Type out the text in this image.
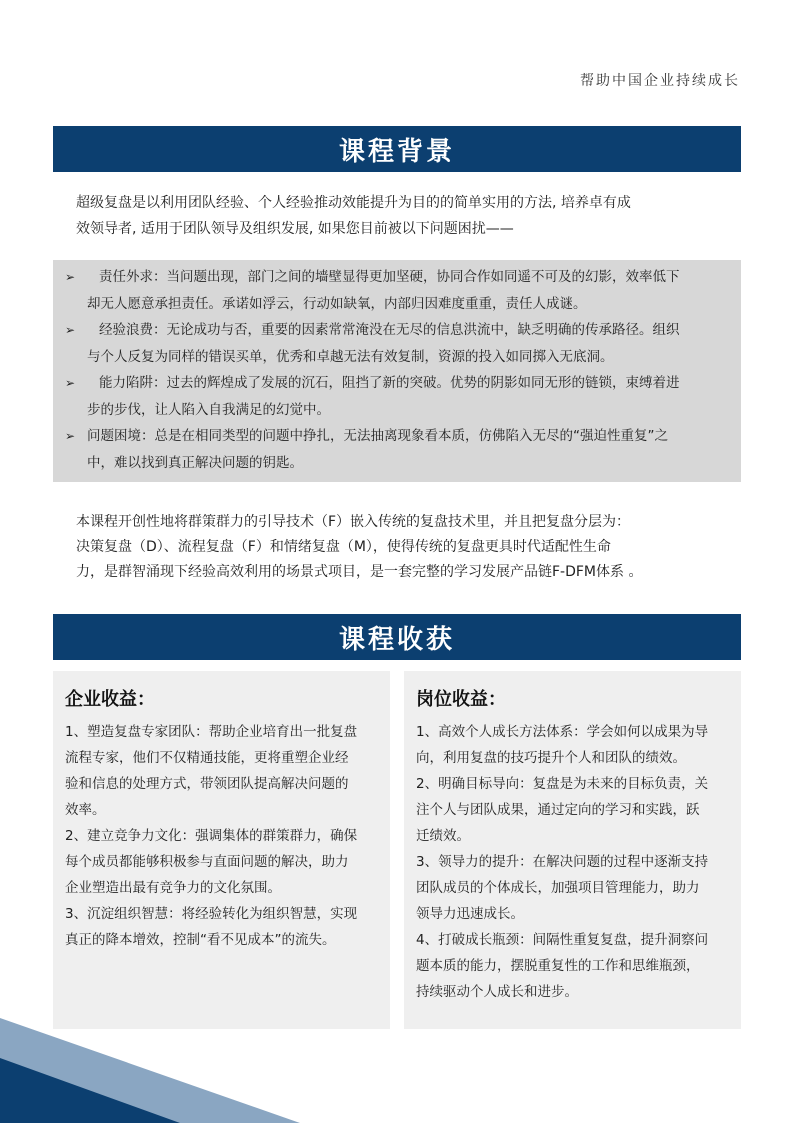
帮助中国企业持续成长
课程背景
超级复盘是以利用团队经验、个人经验推动效能提升为目的的简单实用的方法, 培养卓有成
效领导者, 适用于团队领导及组织发展, 如果您目前被以下问题困扰——
➢	责任外求：当问题出现，部门之间的墙壁显得更加坚硬，协同合作如同遥不可及的幻影，效率低下
却无人愿意承担责任。承诺如浮云，行动如缺氧，内部归因难度重重，责任人成谜。
➢	经验浪费：无论成功与否，重要的因素常常淹没在无尽的信息洪流中，缺乏明确的传承路径。组织
与个人反复为同样的错误买单，优秀和卓越无法有效复制，资源的投入如同掷入无底洞。
➢	能力陷阱：过去的辉煌成了发展的沉石，阻挡了新的突破。优势的阴影如同无形的链锁，束缚着进
步的步伐，让人陷入自我满足的幻觉中。
➢ 问题困境：总是在相同类型的问题中挣扎，无法抽离现象看本质，仿佛陷入无尽的“强迫性重复”之
中，难以找到真正解决问题的钥匙。
本课程开创性地将群策群力的引导技术（F）嵌入传统的复盘技术里，并且把复盘分层为：
决策复盘（D）、流程复盘（F）和情绪复盘（M），使得传统的复盘更具时代适配性生命
力，是群智涌现下经验高效利用的场景式项目，是一套完整的学习发展产品链F-DFM体系 。
课程收获
企业收益：
1、塑造复盘专家团队：帮助企业培育出一批复盘
流程专家，他们不仅精通技能，更将重塑企业经
验和信息的处理方式，带领团队提高解决问题的
效率。
2、建立竞争力文化：强调集体的群策群力，确保
每个成员都能够积极参与直面问题的解决，助力
企业塑造出最有竞争力的文化氛围。
3、沉淀组织智慧：将经验转化为组织智慧，实现
真正的降本增效，控制“看不见成本”的流失。
岗位收益：
1、高效个人成长方法体系：学会如何以成果为导
向，利用复盘的技巧提升个人和团队的绩效。
2、明确目标导向：复盘是为未来的目标负责，关
注个人与团队成果，通过定向的学习和实践，跃
迁绩效。
3、领导力的提升：在解决问题的过程中逐渐支持
团队成员的个体成长，加强项目管理能力，助力
领导力迅速成长。
4、打破成长瓶颈：间隔性重复复盘，提升洞察问
题本质的能力，摆脱重复性的工作和思维瓶颈，
持续驱动个人成长和进步。
